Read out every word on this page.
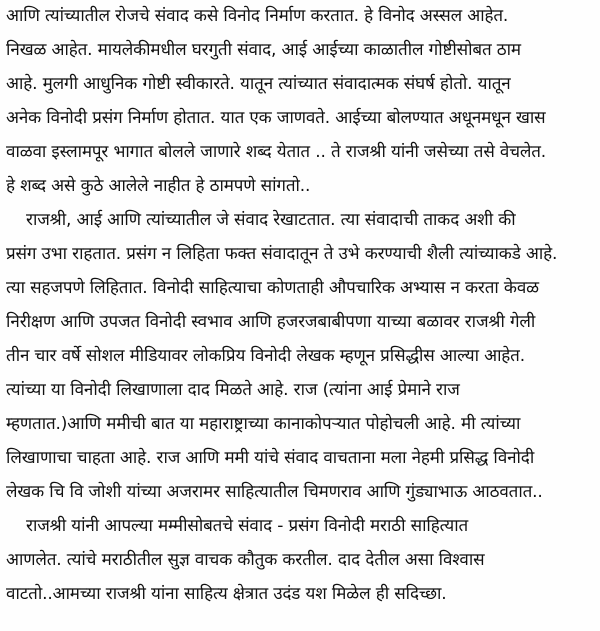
आणि त्यांच्यातील रोजचे संवाद कसे विनोद निर्माण करतात. हे विनोद अस्सल आहेत.
निखळ आहेत. मायलेकीमधील घरगुती संवाद, आई आईच्या काळातील गोष्टीसोबत ठाम
आहे. मुलगी आधुनिक गोष्टी स्वीकारते. यातून त्यांच्यात संवादात्मक संघर्ष होतो. यातून
अनेक विनोदी प्रसंग निर्माण होतात. यात एक जाणवते. आईच्या बोलण्यात अधूनमधून खास
वाळवा इस्लामपूर भागात बोलले जाणारे शब्द येतात .. ते राजश्री यांनी जसेच्या तसे वेचलेत.
हे शब्द असे कुठे आलेले नाहीत हे ठामपणे सांगतो..
राजश्री, आई आणि त्यांच्यातील जे संवाद रेखाटतात. त्या संवादाची ताकद अशी की
प्रसंग उभा राहतात. प्रसंग न लिहिता फक्त संवादातून ते उभे करण्याची शैली त्यांच्याकडे आहे.
त्या सहजपणे लिहितात. विनोदी साहित्याचा कोणताही औपचारिक अभ्यास न करता केवळ
निरीक्षण आणि उपजत विनोदी स्वभाव आणि हजरजबाबीपणा याच्या बळावर राजश्री गेली
तीन चार वर्षे सोशल मीडियावर लोकप्रिय विनोदी लेखक म्हणून प्रसिद्धीस आल्या आहेत.
त्यांच्या या विनोदी लिखाणाला दाद मिळते आहे. राज (त्यांना आई प्रेमाने राज
म्हणतात.)आणि ममीची बात या महाराष्ट्राच्या कानाकोपऱ्यात पोहोचली आहे. मी त्यांच्या
लिखाणाचा चाहता आहे. राज आणि ममी यांचे संवाद वाचताना मला नेहमी प्रसिद्ध विनोदी
लेखक चि वि जोशी यांच्या अजरामर साहित्यातील चिमणराव आणि गुंड्याभाऊ आठवतात..
राजश्री यांनी आपल्या मम्मीसोबतचे संवाद - प्रसंग विनोदी मराठी साहित्यात
आणलेत. त्यांचे मराठीतील सुज्ञ वाचक कौतुक करतील. दाद देतील असा विश्वास
वाटतो..आमच्या राजश्री यांना साहित्य क्षेत्रात उदंड यश मिळेल ही सदिच्छा.
